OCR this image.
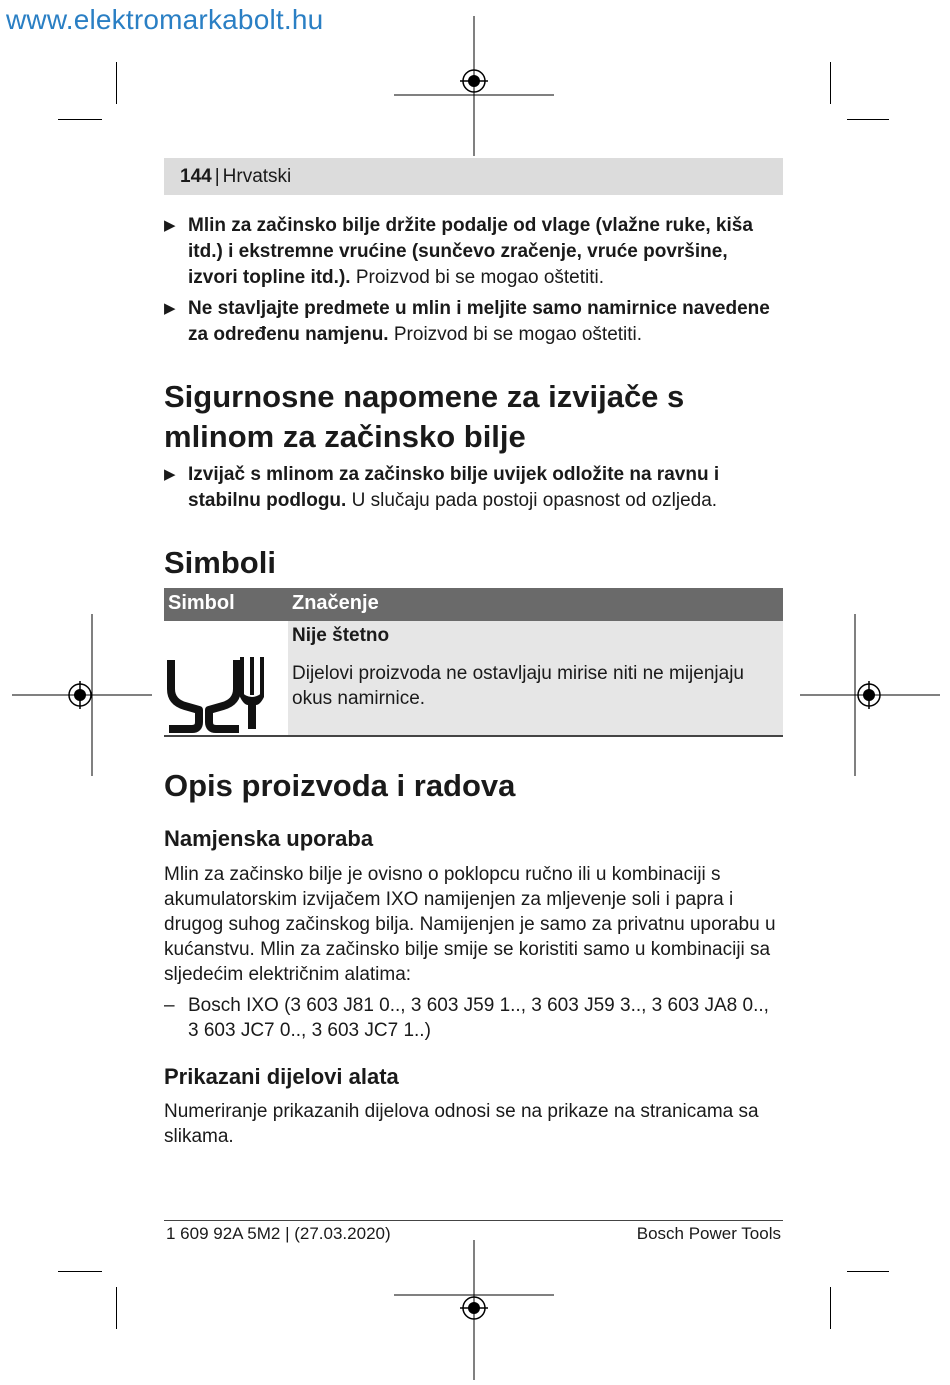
www.elektromarkabolt.hu
144 | Hrvatski
▶ Mlin za začinsko bilje držite podalje od vlage (vlažne ruke, kiša itd.) i ekstremne vrućine (sunčevo zračenje, vruće površine, izvori topline itd.). Proizvod bi se mogao oštetiti.
▶ Ne stavljajte predmete u mlin i meljite samo namirnice navedene za određenu namjenu. Proizvod bi se mogao oštetiti.
Sigurnosne napomene za izvijače s mlinom za začinsko bilje
▶ Izvijač s mlinom za začinsko bilje uvijek odložite na ravnu i stabilnu podlogu. U slučaju pada postoji opasnost od ozljeda.
Simboli
Simbol	Značenje
Nije štetno
Dijelovi proizvoda ne ostavljaju mirise niti ne mijenjaju okus namirnice.
Opis proizvoda i radova
Namjenska uporaba
Mlin za začinsko bilje je ovisno o poklopcu ručno ili u kombinaciji s akumulatorskim izvijačem IXO namijenjen za mljevenje soli i papra i drugog suhog začinskog bilja. Namijenjen je samo za privatnu uporabu u kućanstvu. Mlin za začinsko bilje smije se koristiti samo u kombinaciji sa sljedećim električnim alatima:
– Bosch IXO (3 603 J81 0.., 3 603 J59 1.., 3 603 J59 3.., 3 603 JA8 0.., 3 603 JC7 0.., 3 603 JC7 1..)
Prikazani dijelovi alata
Numeriranje prikazanih dijelova odnosi se na prikaze na stranicama sa slikama.
1 609 92A 5M2 | (27.03.2020)	Bosch Power Tools
